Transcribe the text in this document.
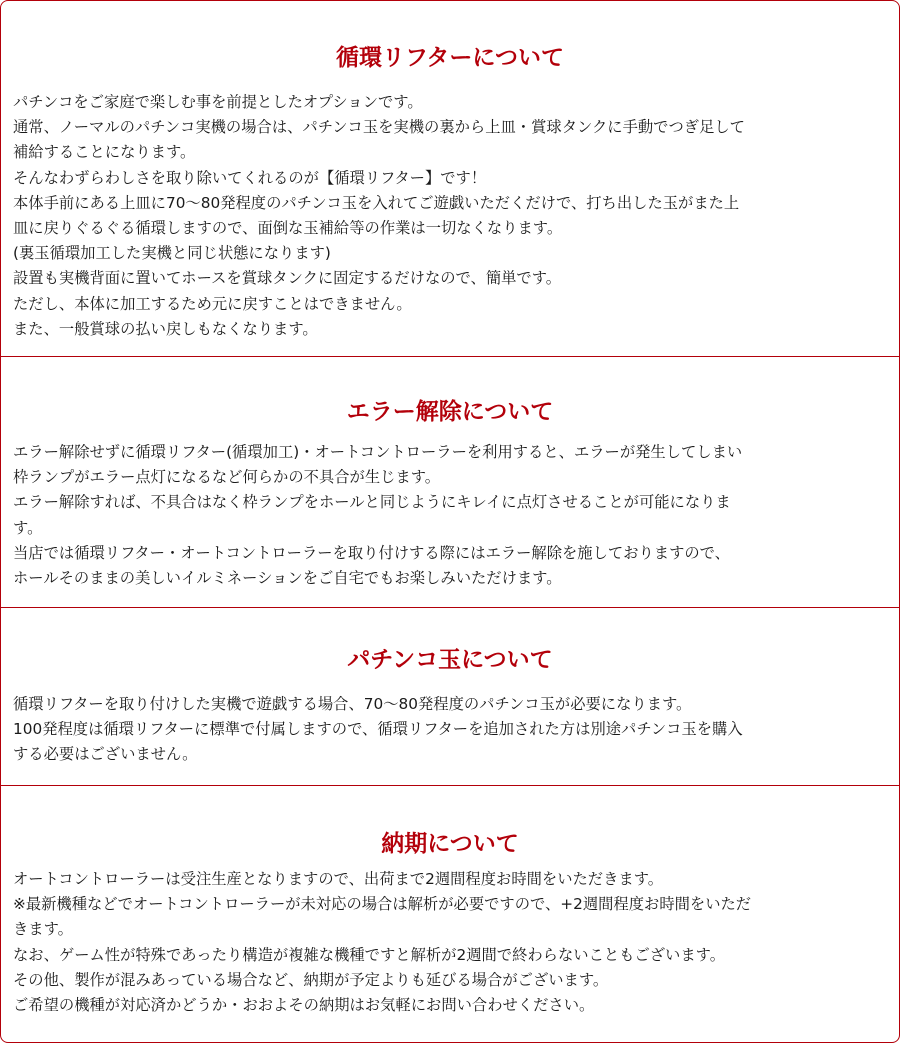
循環リフターについて
パチンコをご家庭で楽しむ事を前提としたオプションです。
通常、ノーマルのパチンコ実機の場合は、パチンコ玉を実機の裏から上皿・賞球タンクに手動でつぎ足して
補給することになります。
そんなわずらわしさを取り除いてくれるのが【循環リフター】です！
本体手前にある上皿に70～80発程度のパチンコ玉を入れてご遊戯いただくだけで、打ち出した玉がまた上
皿に戻りぐるぐる循環しますので、面倒な玉補給等の作業は一切なくなります。
(裏玉循環加工した実機と同じ状態になります)
設置も実機背面に置いてホースを賞球タンクに固定するだけなので、簡単です。
ただし、本体に加工するため元に戻すことはできません。
また、一般賞球の払い戻しもなくなります。
エラー解除について
エラー解除せずに循環リフター(循環加工)・オートコントローラーを利用すると、エラーが発生してしまい
枠ランプがエラー点灯になるなど何らかの不具合が生じます。
エラー解除すれば、不具合はなく枠ランプをホールと同じようにキレイに点灯させることが可能になりま
す。
当店では循環リフター・オートコントローラーを取り付けする際にはエラー解除を施しておりますので、
ホールそのままの美しいイルミネーションをご自宅でもお楽しみいただけます。
パチンコ玉について
循環リフターを取り付けした実機で遊戯する場合、70～80発程度のパチンコ玉が必要になります。
100発程度は循環リフターに標準で付属しますので、循環リフターを追加された方は別途パチンコ玉を購入
する必要はございません。
納期について
オートコントローラーは受注生産となりますので、出荷まで2週間程度お時間をいただきます。
※最新機種などでオートコントローラーが未対応の場合は解析が必要ですので、+2週間程度お時間をいただ
きます。
なお、ゲーム性が特殊であったり構造が複雑な機種ですと解析が2週間で終わらないこともございます。
その他、製作が混みあっている場合など、納期が予定よりも延びる場合がございます。
ご希望の機種が対応済かどうか・おおよその納期はお気軽にお問い合わせください。
